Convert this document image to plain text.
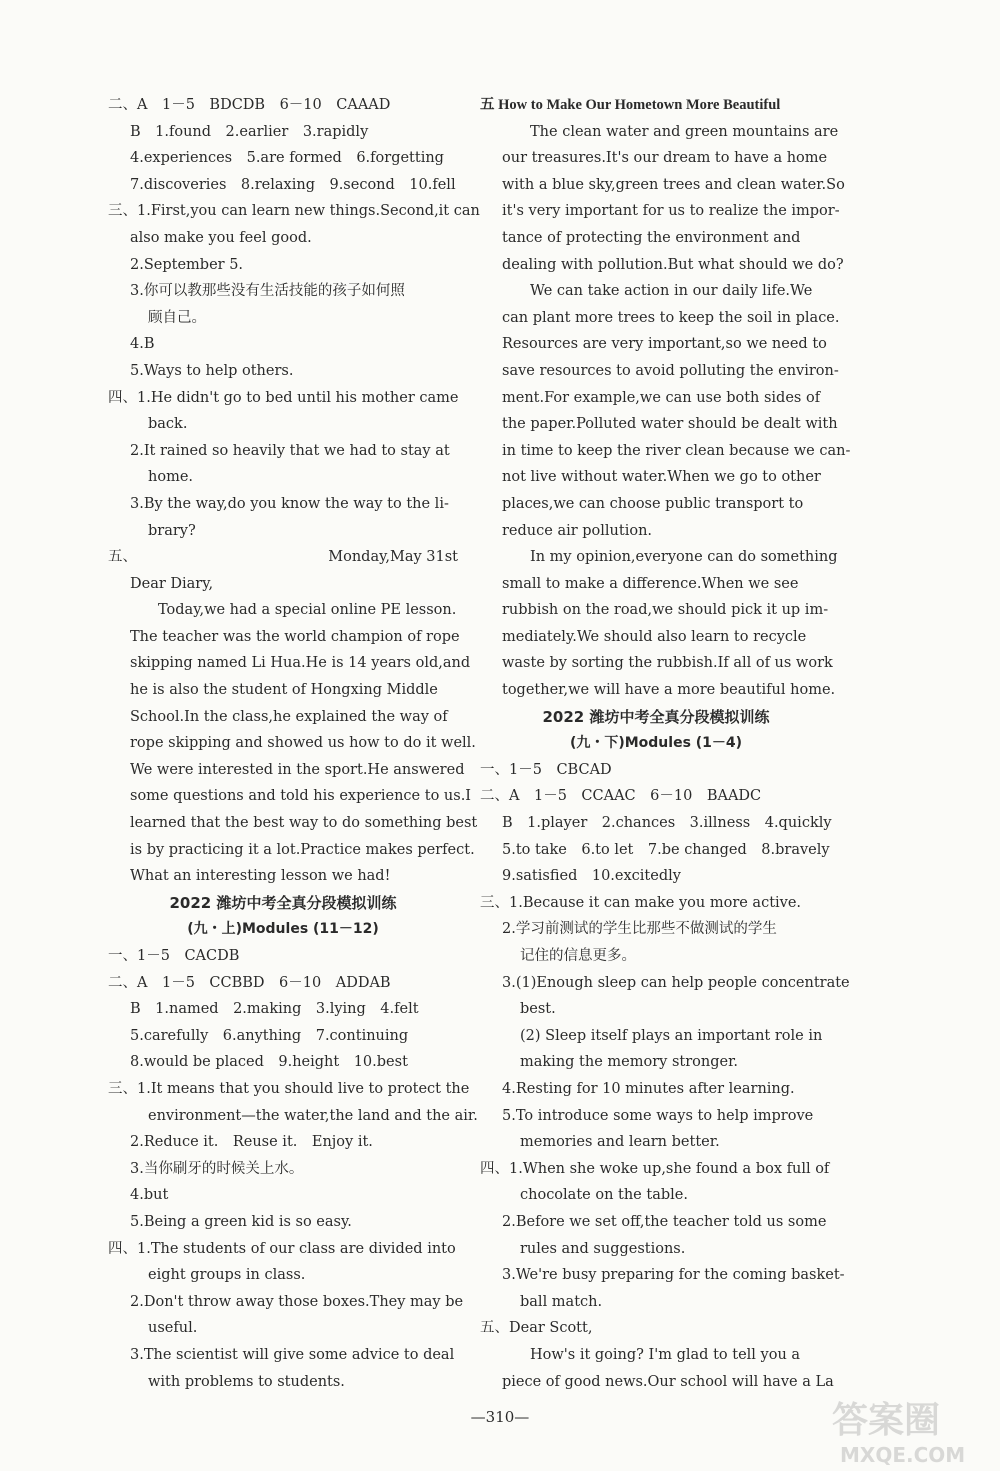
二、A　1－5　BDCDB　6－10　CAAAD
B　1.found　2.earlier　3.rapidly
4.experiences　5.are formed　6.forgetting
7.discoveries　8.relaxing　9.second　10.fell
三、1.First,you can learn new things.Second,it can
also make you feel good.
2.September 5.
3.你可以教那些没有生活技能的孩子如何照
顾自己。
4.B
5.Ways to help others.
四、1.He didn't go to bed until his mother came
back.
2.It rained so heavily that we had to stay at
home.
3.By the way,do you know the way to the li-
brary?
五、	Monday,May 31st
Dear Diary,
Today,we had a special online PE lesson.
The teacher was the world champion of rope
skipping named Li Hua.He is 14 years old,and
he is also the student of Hongxing Middle
School.In the class,he explained the way of
rope skipping and showed us how to do it well.
We were interested in the sport.He answered
some questions and told his experience to us.I
learned that the best way to do something best
is by practicing it a lot.Practice makes perfect.
What an interesting lesson we had!
2022 潍坊中考全真分段模拟训练
(九・上)Modules (11－12)
一、1－5　CACDB
二、A　1－5　CCBBD　6－10　ADDAB
B　1.named　2.making　3.lying　4.felt
5.carefully　6.anything　7.continuing
8.would be placed　9.height　10.best
三、1.It means that you should live to protect the
environment—the water,the land and the air.
2.Reduce it.　Reuse it.　Enjoy it.
3.当你刷牙的时候关上水。
4.but
5.Being a green kid is so easy.
四、1.The students of our class are divided into
eight groups in class.
2.Don't throw away those boxes.They may be
useful.
3.The scientist will give some advice to deal
with problems to students.
五 How to Make Our Hometown More Beautiful
The clean water and green mountains are
our treasures.It's our dream to have a home
with a blue sky,green trees and clean water.So
it's very important for us to realize the impor-
tance of protecting the environment and
dealing with pollution.But what should we do?
We can take action in our daily life.We
can plant more trees to keep the soil in place.
Resources are very important,so we need to
save resources to avoid polluting the environ-
ment.For example,we can use both sides of
the paper.Polluted water should be dealt with
in time to keep the river clean because we can-
not live without water.When we go to other
places,we can choose public transport to
reduce air pollution.
In my opinion,everyone can do something
small to make a difference.When we see
rubbish on the road,we should pick it up im-
mediately.We should also learn to recycle
waste by sorting the rubbish.If all of us work
together,we will have a more beautiful home.
2022 潍坊中考全真分段模拟训练
(九・下)Modules (1－4)
一、1－5　CBCAD
二、A　1－5　CCAAC　6－10　BAADC
B　1.player　2.chances　3.illness　4.quickly
5.to take　6.to let　7.be changed　8.bravely
9.satisfied　10.excitedly
三、1.Because it can make you more active.
2.学习前测试的学生比那些不做测试的学生
记住的信息更多。
3.(1)Enough sleep can help people concentrate
best.
(2) Sleep itself plays an important role in
making the memory stronger.
4.Resting for 10 minutes after learning.
5.To introduce some ways to help improve
memories and learn better.
四、1.When she woke up,she found a box full of
chocolate on the table.
2.Before we set off,the teacher told us some
rules and suggestions.
3.We're busy preparing for the coming basket-
ball match.
五、Dear Scott,
How's it going? I'm glad to tell you a
piece of good news.Our school will have a La
—310—	答案圈
MXQE.COM
